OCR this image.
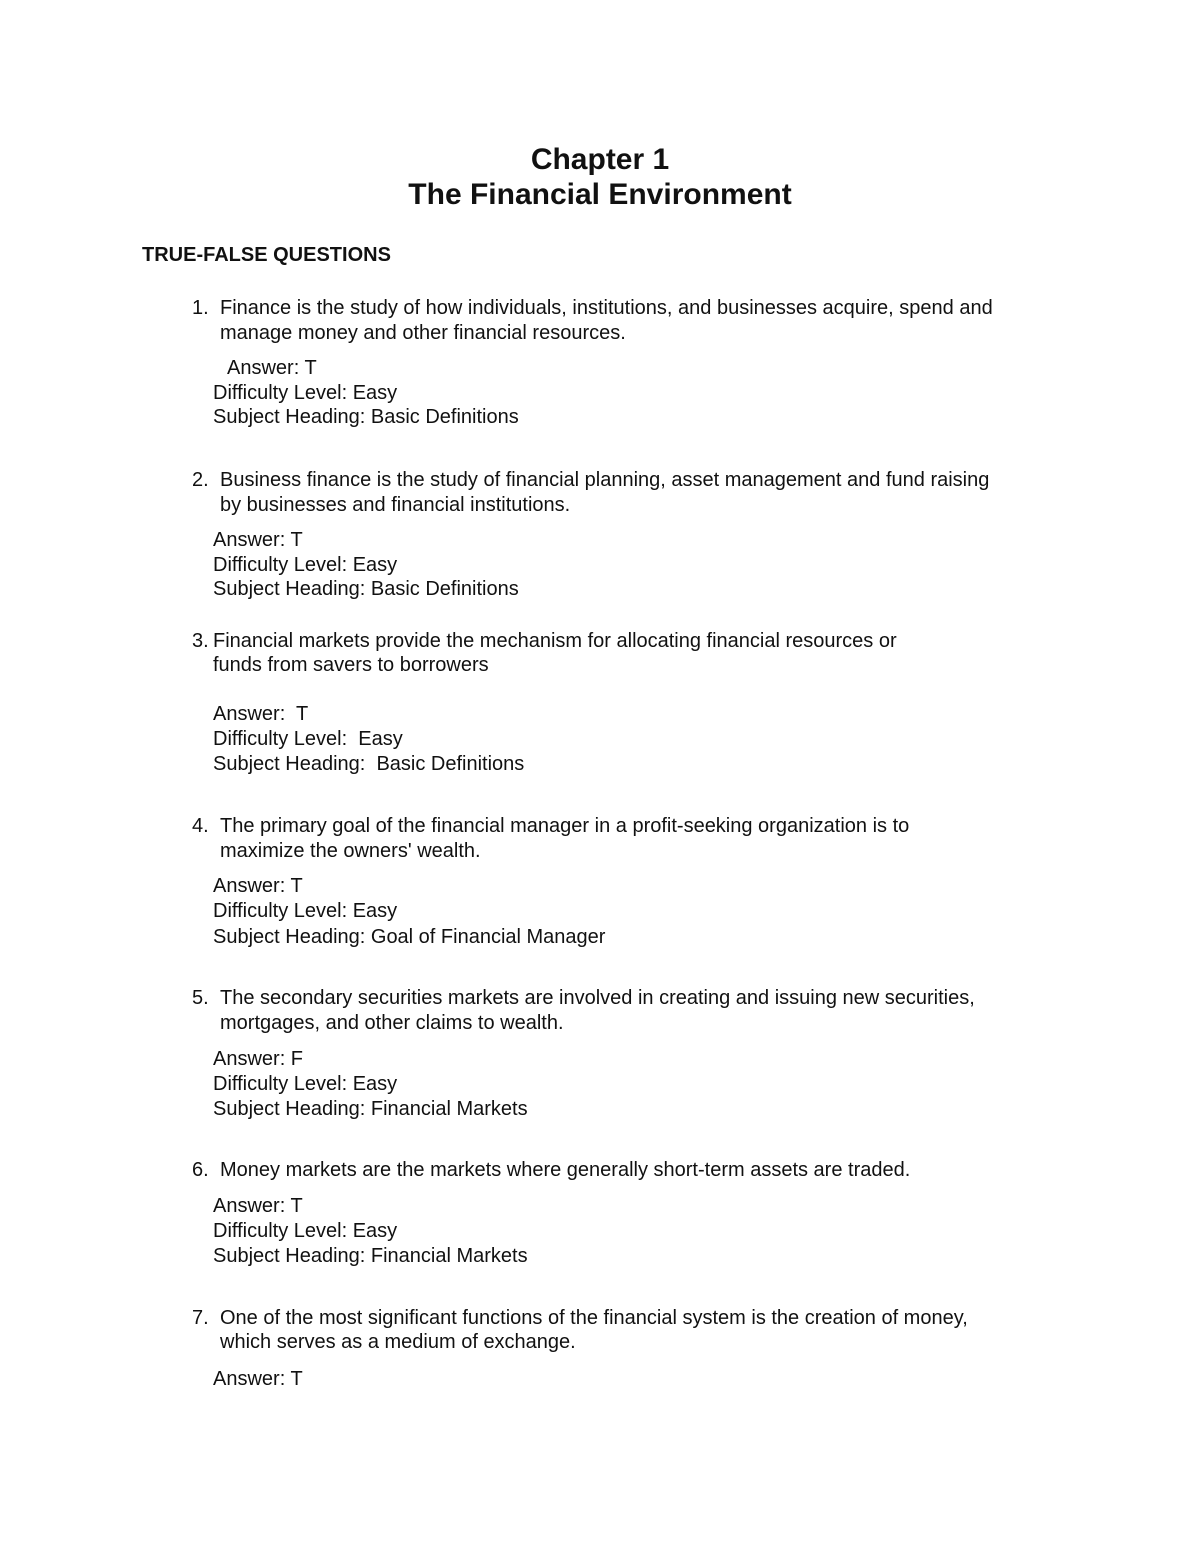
Chapter 1
The Financial Environment
TRUE-FALSE QUESTIONS
1. Finance is the study of how individuals, institutions, and businesses acquire, spend and
manage money and other financial resources.
Answer: T
Difficulty Level: Easy
Subject Heading: Basic Definitions
2. Business finance is the study of financial planning, asset management and fund raising
by businesses and financial institutions.
Answer: T
Difficulty Level: Easy
Subject Heading: Basic Definitions
3. Financial markets provide the mechanism for allocating financial resources or
funds from savers to borrowers
Answer:  T
Difficulty Level:  Easy
Subject Heading:  Basic Definitions
4. The primary goal of the financial manager in a profit-seeking organization is to
maximize the owners' wealth.
Answer: T
Difficulty Level: Easy
Subject Heading: Goal of Financial Manager
5. The secondary securities markets are involved in creating and issuing new securities,
mortgages, and other claims to wealth.
Answer: F
Difficulty Level: Easy
Subject Heading: Financial Markets
6. Money markets are the markets where generally short-term assets are traded.
Answer: T
Difficulty Level: Easy
Subject Heading: Financial Markets
7. One of the most significant functions of the financial system is the creation of money,
which serves as a medium of exchange.
Answer: T
